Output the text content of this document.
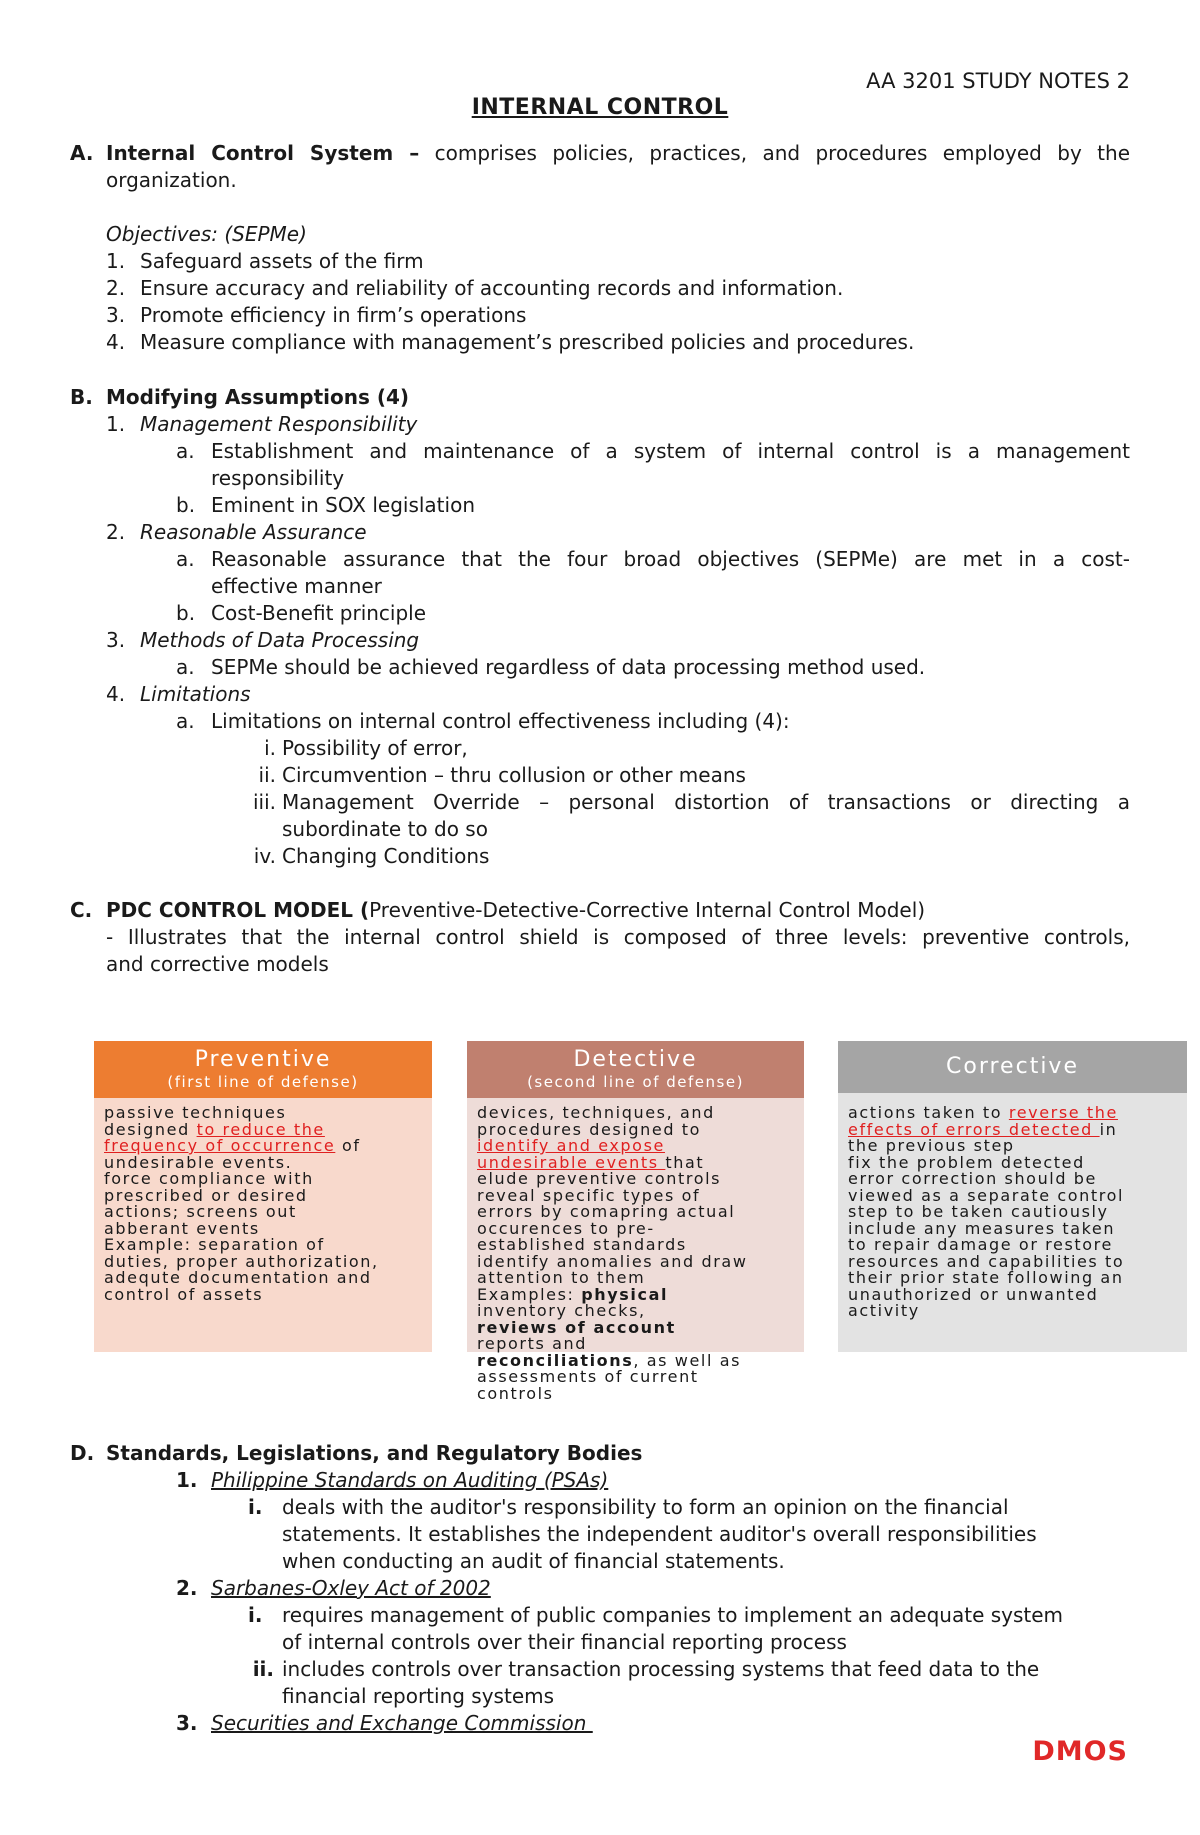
AA 3201 STUDY NOTES 2
INTERNAL CONTROL
A. Internal Control System – comprises policies, practices, and procedures employed by the
organization.
Objectives: (SEPMe)
1. Safeguard assets of the firm
2. Ensure accuracy and reliability of accounting records and information.
3. Promote efficiency in firm’s operations
4. Measure compliance with management’s prescribed policies and procedures.
B. Modifying Assumptions (4)
1. Management Responsibility
a. Establishment and maintenance of a system of internal control is a management
responsibility
b. Eminent in SOX legislation
2. Reasonable Assurance
a. Reasonable assurance that the four broad objectives (SEPMe) are met in a cost-
effective manner
b. Cost-Benefit principle
3. Methods of Data Processing
a. SEPMe should be achieved regardless of data processing method used.
4. Limitations
a. Limitations on internal control effectiveness including (4):
i. Possibility of error,
ii. Circumvention – thru collusion or other means
iii. Management Override – personal distortion of transactions or directing a
subordinate to do so
iv. Changing Conditions
C. PDC CONTROL MODEL (Preventive-Detective-Corrective Internal Control Model)
- Illustrates that the internal control shield is composed of three levels: preventive controls,
and corrective models
Preventive
(first line of defense)
passive techniques
designed to reduce the
frequency of occurrence of
undesirable events.
force compliance with
prescribed or desired
actions; screens out
abberant events
Example: separation of
duties, proper authorization,
adequte documentation and
control of assets
Detective
(second line of defense)
devices, techniques, and
procedures designed to
identify and expose
undesirable events that
elude preventive controls
reveal specific types of
errors by comapring actual
occurences to pre-
established standards
identify anomalies and draw
attention to them
Examples: physical
inventory checks,
reviews of account
reports and
reconciliations, as well as
assessments of current
controls
Corrective
actions taken to reverse the
effects of errors detected in
the previous step
fix the problem detected
error correction should be
viewed as a separate control
step to be taken cautiously
include any measures taken
to repair damage or restore
resources and capabilities to
their prior state following an
unauthorized or unwanted
activity
D. Standards, Legislations, and Regulatory Bodies
1. Philippine Standards on Auditing (PSAs)
i. deals with the auditor's responsibility to form an opinion on the financial
statements. It establishes the independent auditor's overall responsibilities
when conducting an audit of financial statements.
2. Sarbanes-Oxley Act of 2002
i. requires management of public companies to implement an adequate system
of internal controls over their financial reporting process
ii. includes controls over transaction processing systems that feed data to the
financial reporting systems
3. Securities and Exchange Commission
DMOS
